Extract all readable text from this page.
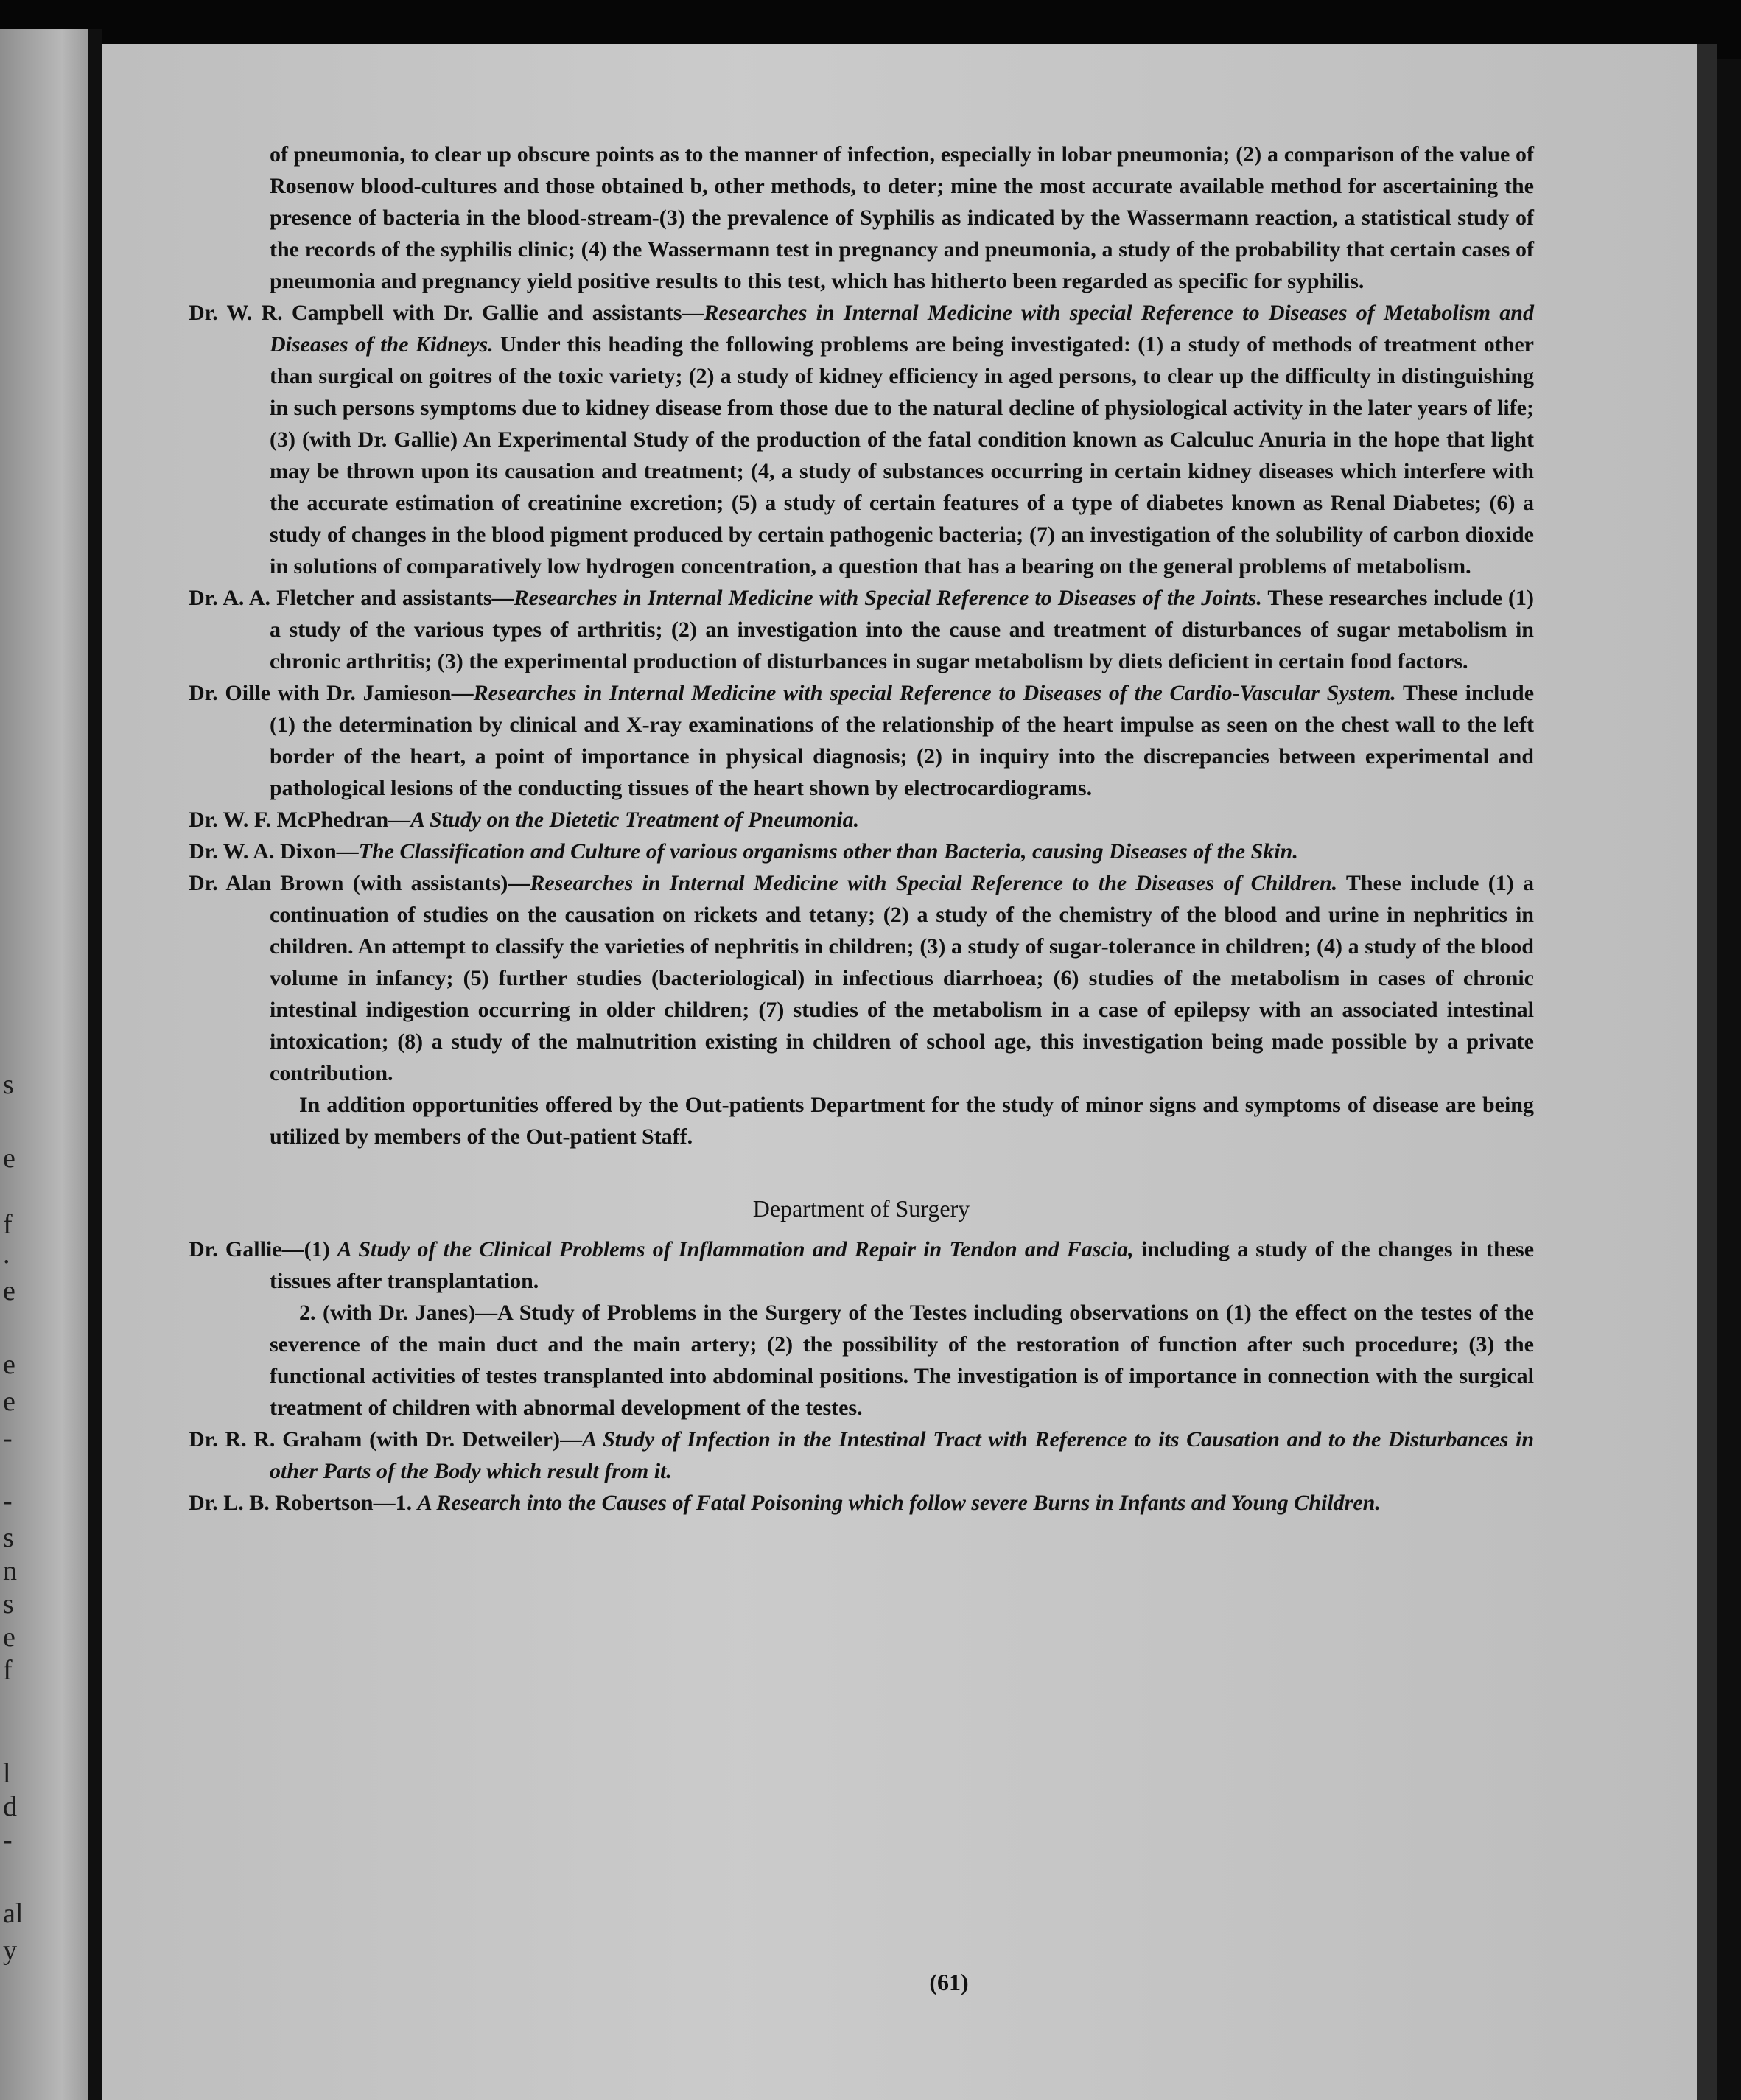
s
e
f
.
e
e
e
-
-
s
n
s
e
f
l
d
-
al
y
(61)

of pneumonia, to clear up obscure points as to the manner of infection, especially in lobar pneumonia; (2) a comparison of the value of Rosenow blood-cultures and those obtained b, other methods, to deter; mine the most accurate available method for ascertaining the presence of bacteria in the blood-stream-(3) the prevalence of Syphilis as indicated by the Wassermann reaction, a statistical study of the records of the syphilis clinic; (4) the Wassermann test in pregnancy and pneumonia, a study of the probability that certain cases of pneumonia and pregnancy yield positive results to this test, which has hitherto been regarded as specific for syphilis.

Dr. W. R. Campbell with Dr. Gallie and assistants—Researches in Internal Medicine with special Reference to Diseases of Metabolism and Diseases of the Kidneys. Under this heading the following problems are being investigated: (1) a study of methods of treatment other than surgical on goitres of the toxic variety; (2) a study of kidney efficiency in aged persons, to clear up the difficulty in distinguishing in such persons symptoms due to kidney disease from those due to the natural decline of physiological activity in the later years of life; (3) (with Dr. Gallie) An Experimental Study of the production of the fatal condition known as Calculuc Anuria in the hope that light may be thrown upon its causation and treatment; (4, a study of substances occurring in certain kidney diseases which interfere with the accurate estimation of creatinine excretion; (5) a study of certain features of a type of diabetes known as Renal Diabetes; (6) a study of changes in the blood pigment produced by certain pathogenic bacteria; (7) an investigation of the solubility of carbon dioxide in solutions of comparatively low hydrogen concentration, a question that has a bearing on the general problems of metabolism.

Dr. A. A. Fletcher and assistants—Researches in Internal Medicine with Special Reference to Diseases of the Joints. These researches include (1) a study of the various types of arthritis; (2) an investigation into the cause and treatment of disturbances of sugar metabolism in chronic arthritis; (3) the experimental production of disturbances in sugar metabolism by diets deficient in certain food factors.

Dr. Oille with Dr. Jamieson—Researches in Internal Medicine with special Reference to Diseases of the Cardio-Vascular System. These include (1) the determination by clinical and X-ray examinations of the relationship of the heart impulse as seen on the chest wall to the left border of the heart, a point of importance in physical diagnosis; (2) in inquiry into the discrepancies between experimental and pathological lesions of the conducting tissues of the heart shown by electrocardiograms.

Dr. W. F. McPhedran—A Study on the Dietetic Treatment of Pneumonia.

Dr. W. A. Dixon—The Classification and Culture of various organisms other than Bacteria, causing Diseases of the Skin.

Dr. Alan Brown (with assistants)—Researches in Internal Medicine with Special Reference to the Diseases of Children. These include (1) a continuation of studies on the causation on rickets and tetany; (2) a study of the chemistry of the blood and urine in nephritics in children. An attempt to classify the varieties of nephritis in children; (3) a study of sugar-tolerance in children; (4) a study of the blood volume in infancy; (5) further studies (bacteriological) in infectious diarrhoea; (6) studies of the metabolism in cases of chronic intestinal indigestion occurring in older children; (7) studies of the metabolism in a case of epilepsy with an associated intestinal intoxication; (8) a study of the malnutrition existing in children of school age, this investigation being made possible by a private contribution.

In addition opportunities offered by the Out-patients Department for the study of minor signs and symptoms of disease are being utilized by members of the Out-patient Staff.

Department of Surgery

Dr. Gallie—(1) A Study of the Clinical Problems of Inflammation and Repair in Tendon and Fascia, including a study of the changes in these tissues after transplantation.

2. (with Dr. Janes)—A Study of Problems in the Surgery of the Testes including observations on (1) the effect on the testes of the severence of the main duct and the main artery; (2) the possibility of the restoration of function after such procedure; (3) the functional activities of testes transplanted into abdominal positions. The investigation is of importance in connection with the surgical treatment of children with abnormal development of the testes.

Dr. R. R. Graham (with Dr. Detweiler)—A Study of Infection in the Intestinal Tract with Reference to its Causation and to the Disturbances in other Parts of the Body which result from it.

Dr. L. B. Robertson—1. A Research into the Causes of Fatal Poisoning which follow severe Burns in Infants and Young Children.
